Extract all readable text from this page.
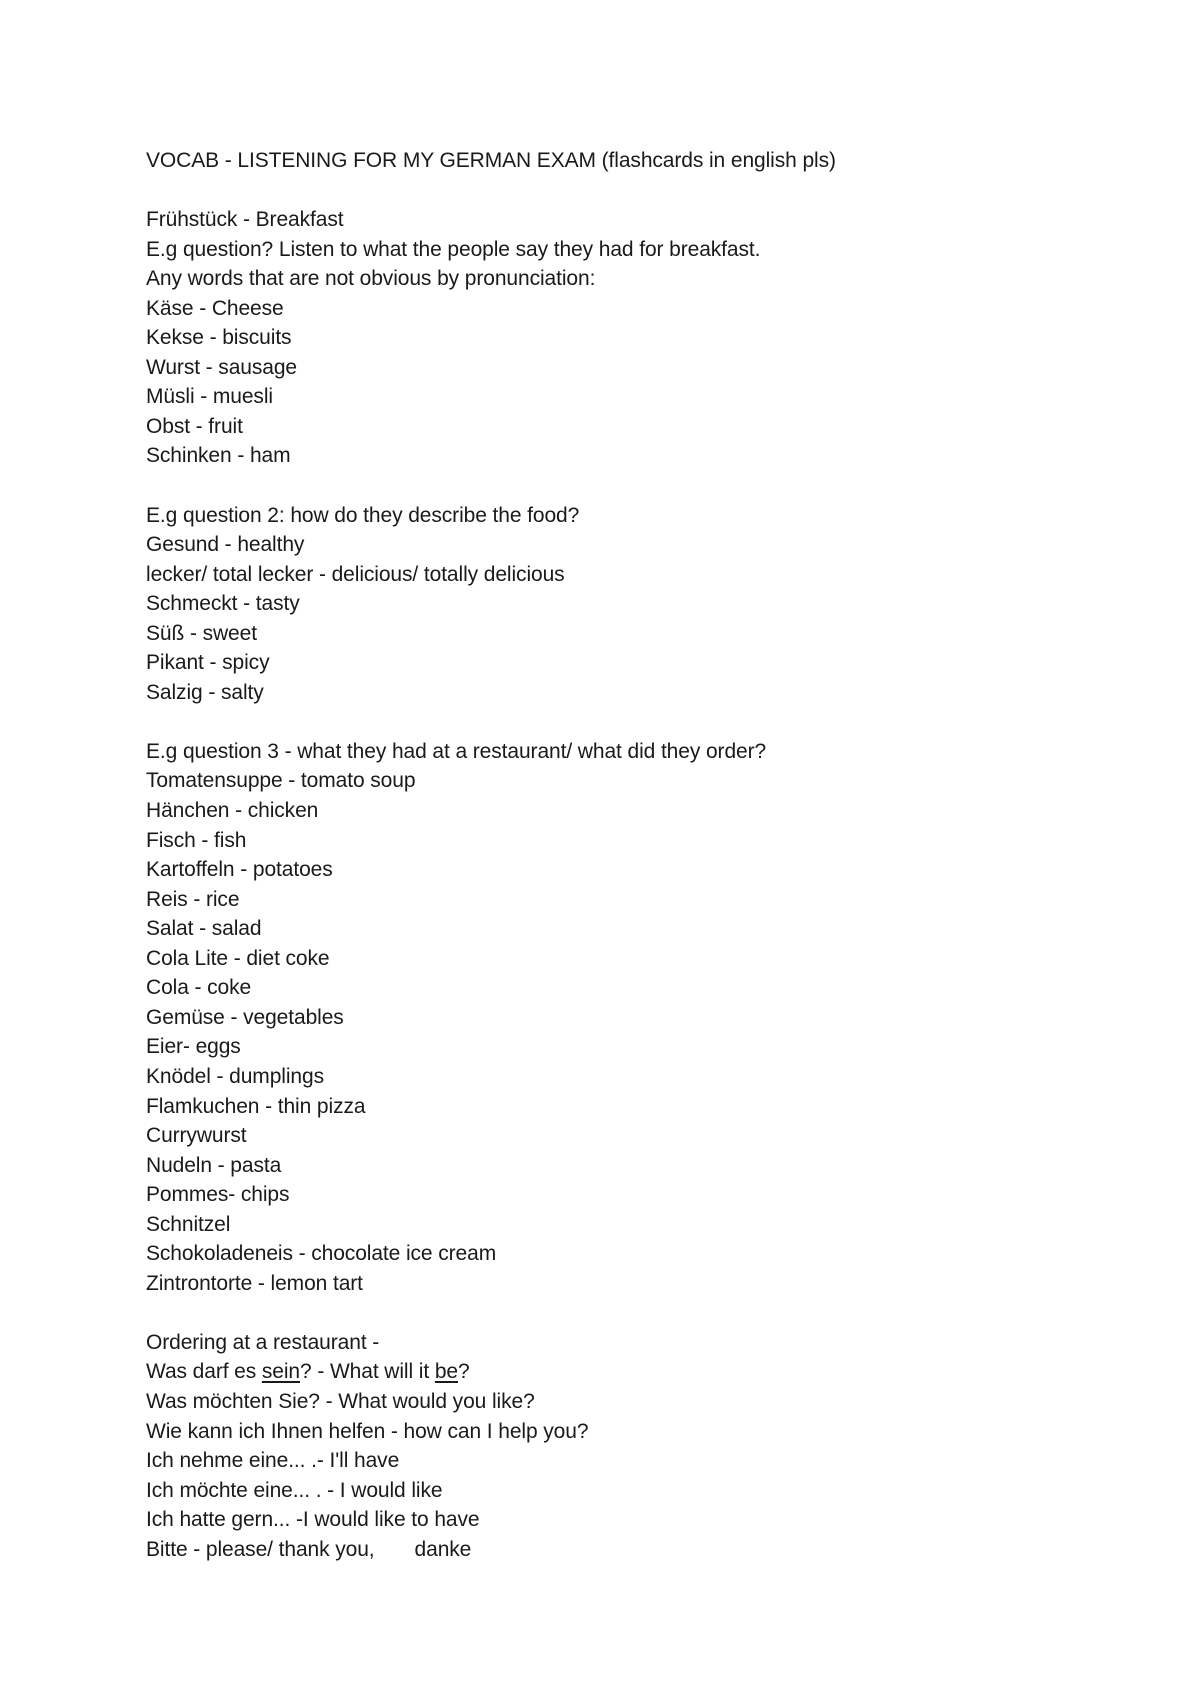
VOCAB - LISTENING FOR MY GERMAN EXAM (flashcards in english pls)
Frühstück - Breakfast
E.g question? Listen to what the people say they had for breakfast.
Any words that are not obvious by pronunciation:
Käse - Cheese
Kekse - biscuits
Wurst - sausage
Müsli - muesli
Obst - fruit
Schinken - ham
E.g question 2: how do they describe the food?
Gesund - healthy
lecker/ total lecker - delicious/ totally delicious
Schmeckt - tasty
Süß - sweet
Pikant - spicy
Salzig - salty
E.g question 3 - what they had at a restaurant/ what did they order?
Tomatensuppe - tomato soup
Hänchen - chicken
Fisch - fish
Kartoffeln - potatoes
Reis - rice
Salat - salad
Cola Lite - diet coke
Cola - coke
Gemüse - vegetables
Eier- eggs
Knödel - dumplings
Flamkuchen - thin pizza
Currywurst
Nudeln - pasta
Pommes- chips
Schnitzel
Schokoladeneis - chocolate ice cream
Zintrontorte - lemon tart
Ordering at a restaurant -
Was darf es sein? - What will it be?
Was möchten Sie? - What would you like?
Wie kann ich Ihnen helfen - how can I help you?
Ich nehme eine... .- I'll have
Ich möchte eine... . - I would like
Ich hatte gern... -I would like to have
Bitte - please/ thank you, danke
